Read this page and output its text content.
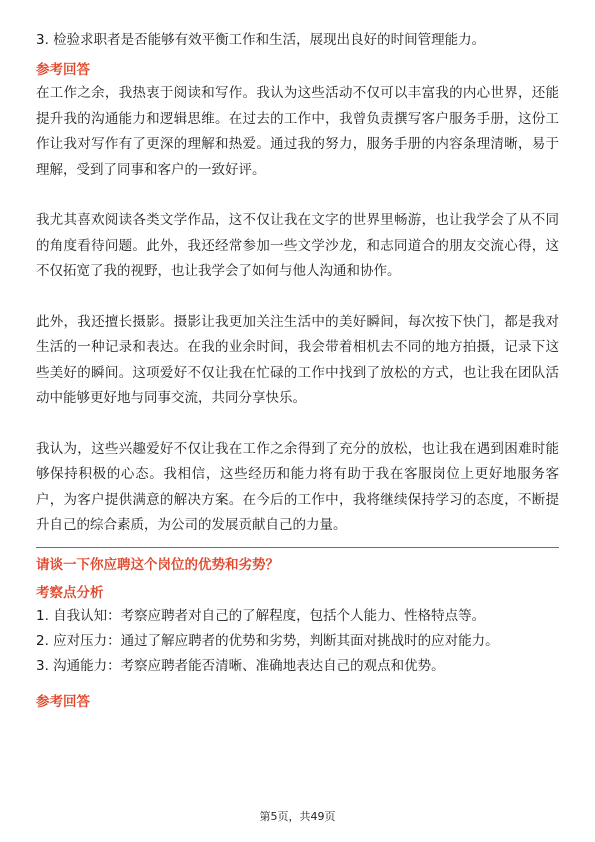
3. 检验求职者是否能够有效平衡工作和生活，展现出良好的时间管理能力。

参考回答

在工作之余，我热衷于阅读和写作。我认为这些活动不仅可以丰富我的内心世界，还能提升我的沟通能力和逻辑思维。在过去的工作中，我曾负责撰写客户服务手册，这份工作让我对写作有了更深的理解和热爱。通过我的努力，服务手册的内容条理清晰，易于理解，受到了同事和客户的一致好评。

我尤其喜欢阅读各类文学作品，这不仅让我在文字的世界里畅游，也让我学会了从不同的角度看待问题。此外，我还经常参加一些文学沙龙，和志同道合的朋友交流心得，这不仅拓宽了我的视野，也让我学会了如何与他人沟通和协作。

此外，我还擅长摄影。摄影让我更加关注生活中的美好瞬间，每次按下快门，都是我对生活的一种记录和表达。在我的业余时间，我会带着相机去不同的地方拍摄，记录下这些美好的瞬间。这项爱好不仅让我在忙碌的工作中找到了放松的方式，也让我在团队活动中能够更好地与同事交流，共同分享快乐。

我认为，这些兴趣爱好不仅让我在工作之余得到了充分的放松，也让我在遇到困难时能够保持积极的心态。我相信，这些经历和能力将有助于我在客服岗位上更好地服务客户，为客户提供满意的解决方案。在今后的工作中，我将继续保持学习的态度，不断提升自己的综合素质，为公司的发展贡献自己的力量。

请谈一下你应聘这个岗位的优势和劣势？

考察点分析

1. 自我认知：考察应聘者对自己的了解程度，包括个人能力、性格特点等。

2. 应对压力：通过了解应聘者的优势和劣势，判断其面对挑战时的应对能力。

3. 沟通能力：考察应聘者能否清晰、准确地表达自己的观点和优势。

参考回答

第5页，共49页
